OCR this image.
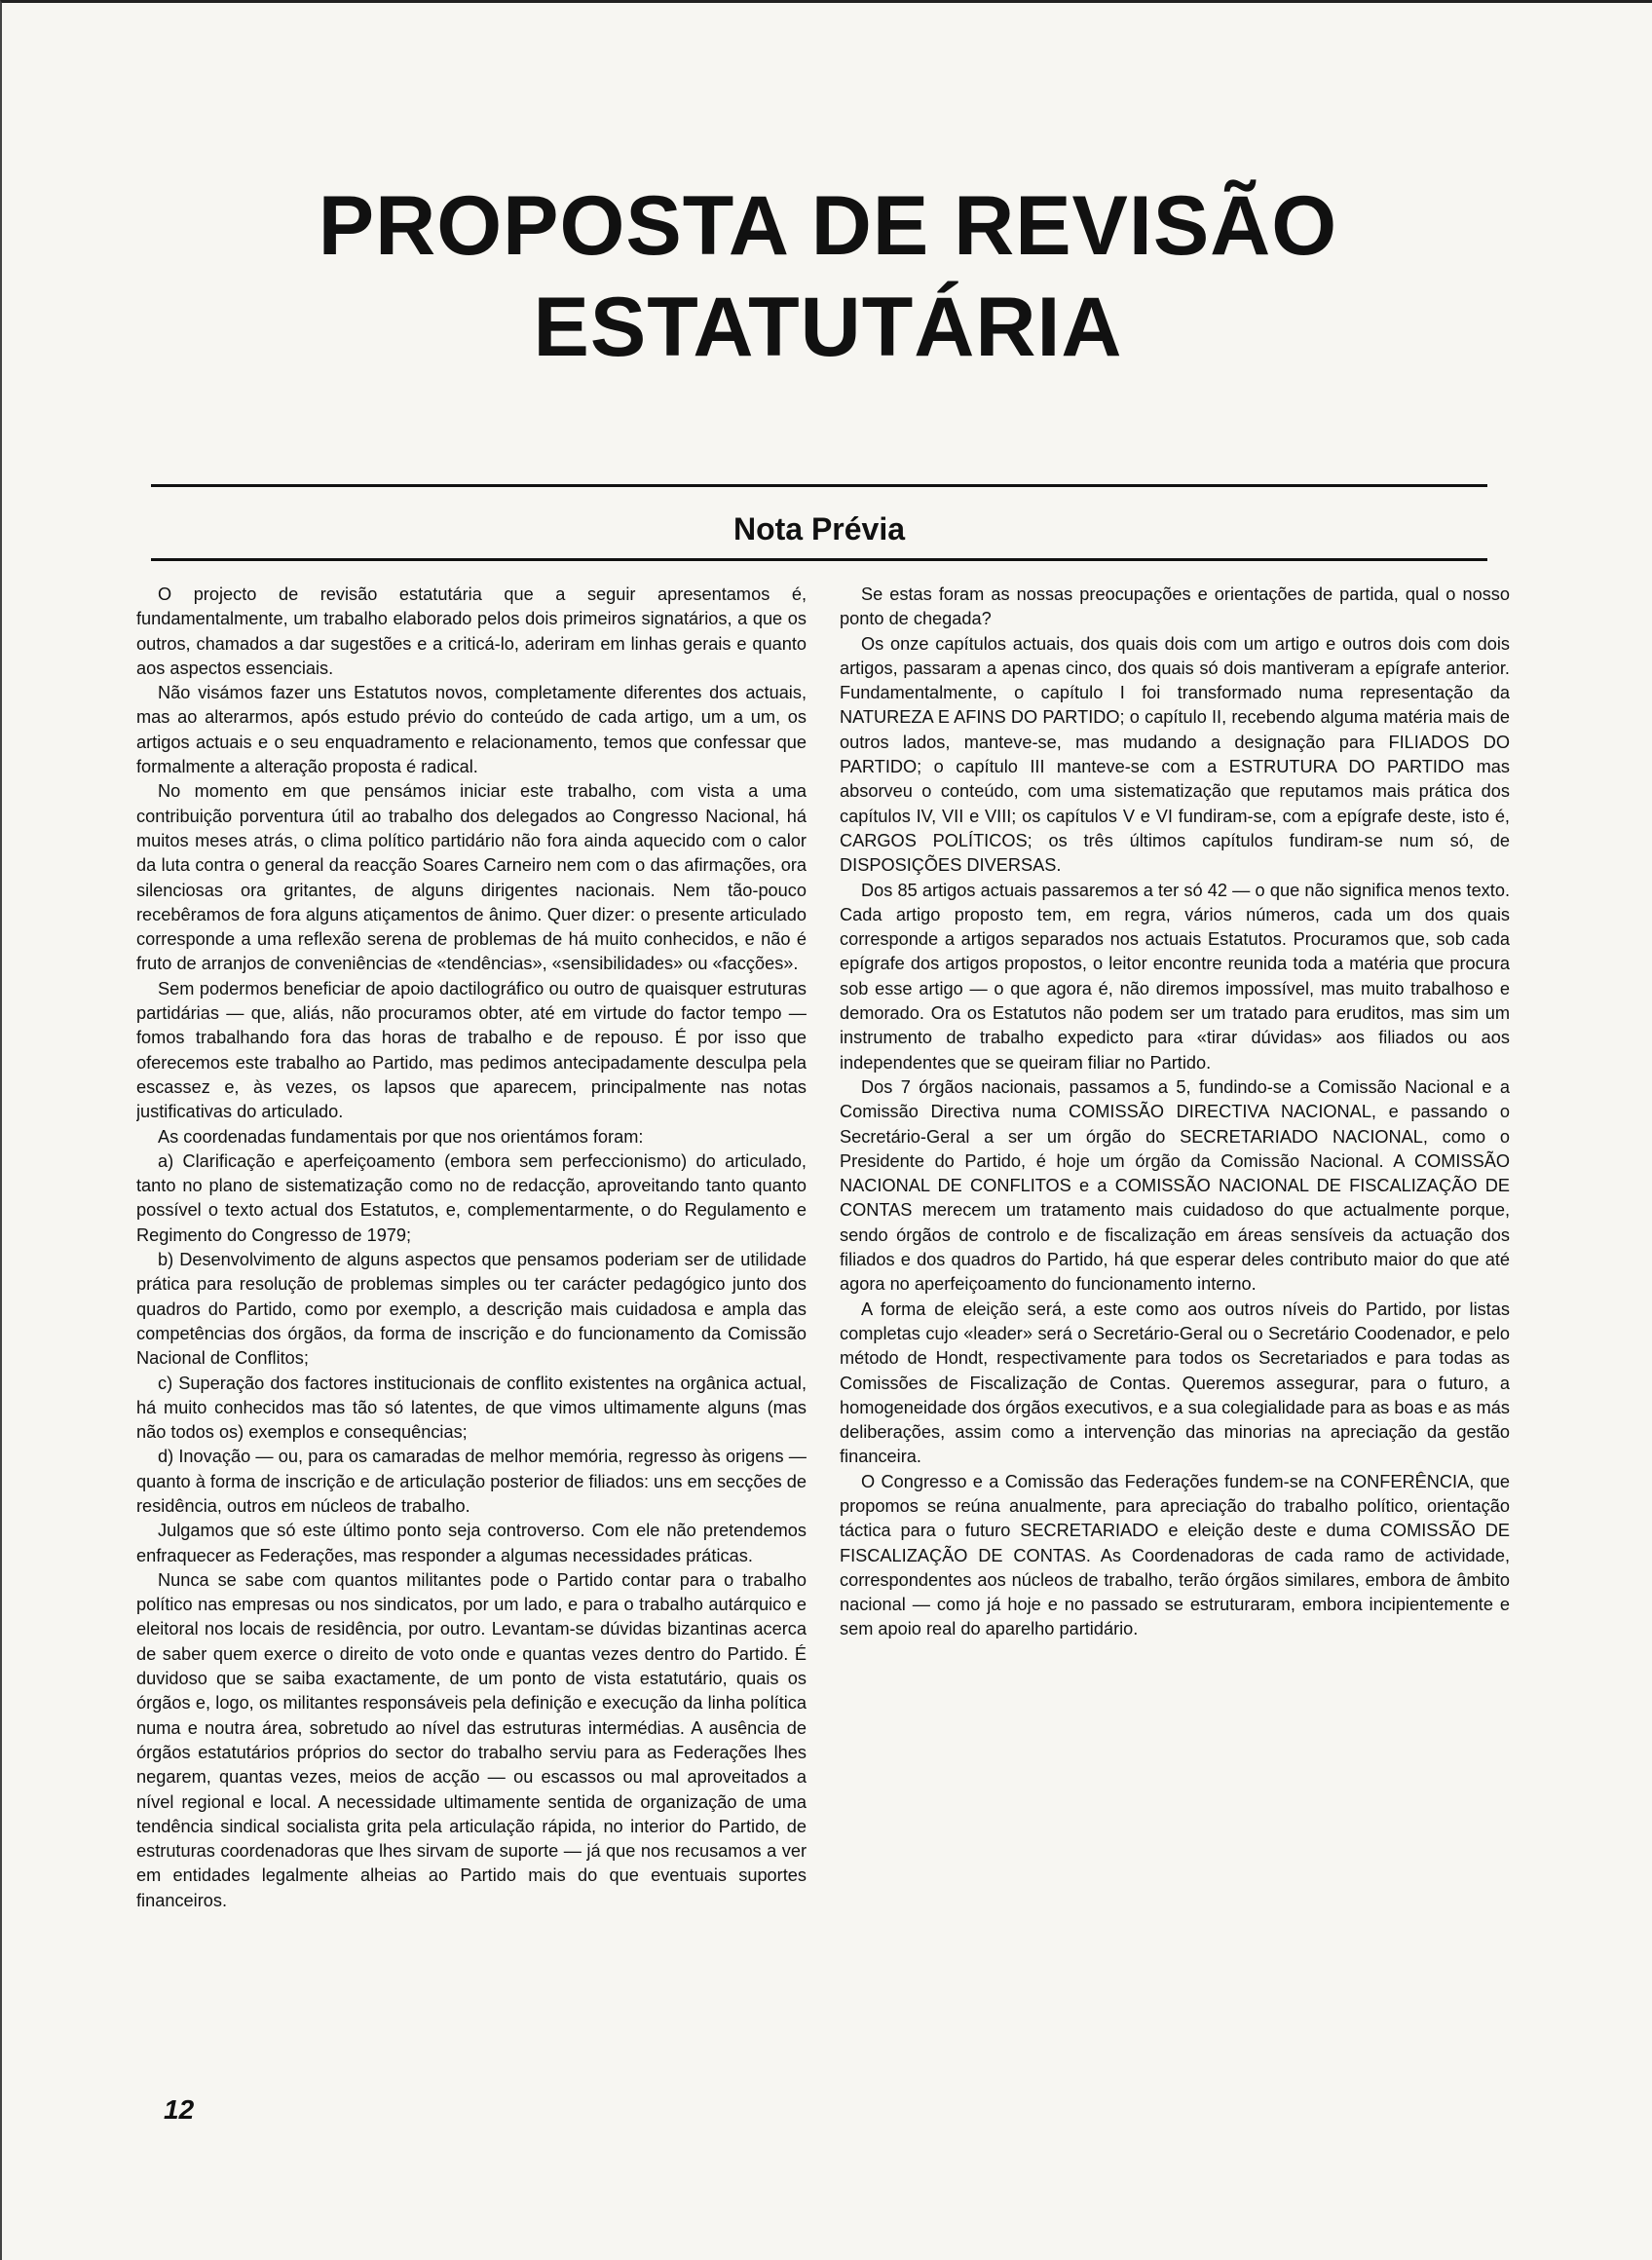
PROPOSTA DE REVISÃO
ESTATUTÁRIA
Nota Prévia

O projecto de revisão estatutária que a seguir apresentamos é, fundamentalmente, um trabalho elaborado pelos dois primeiros signatários, a que os outros, chamados a dar sugestões e a criticá-lo, aderiram em linhas gerais e quanto aos aspectos essenciais.

Não visámos fazer uns Estatutos novos, completamente diferentes dos actuais, mas ao alterarmos, após estudo prévio do conteúdo de cada artigo, um a um, os artigos actuais e o seu enquadramento e relacionamento, temos que confessar que formalmente a alteração proposta é radical.

No momento em que pensámos iniciar este trabalho, com vista a uma contribuição porventura útil ao trabalho dos delegados ao Congresso Nacional, há muitos meses atrás, o clima político partidário não fora ainda aquecido com o calor da luta contra o general da reacção Soares Carneiro nem com o das afirmações, ora silenciosas ora gritantes, de alguns dirigentes nacionais. Nem tão-pouco recebêramos de fora alguns atiçamentos de ânimo. Quer dizer: o presente articulado corresponde a uma reflexão serena de problemas de há muito conhecidos, e não é fruto de arranjos de conveniências de «tendências», «sensibilidades» ou «facções».

Sem podermos beneficiar de apoio dactilográfico ou outro de quaisquer estruturas partidárias — que, aliás, não procuramos obter, até em virtude do factor tempo — fomos trabalhando fora das horas de trabalho e de repouso. É por isso que oferecemos este trabalho ao Partido, mas pedimos antecipadamente desculpa pela escassez e, às vezes, os lapsos que aparecem, principalmente nas notas justificativas do articulado.

As coordenadas fundamentais por que nos orientámos foram:

a) Clarificação e aperfeiçoamento (embora sem perfeccionismo) do articulado, tanto no plano de sistematização como no de redacção, aproveitando tanto quanto possível o texto actual dos Estatutos, e, complementarmente, o do Regulamento e Regimento do Congresso de 1979;

b) Desenvolvimento de alguns aspectos que pensamos poderiam ser de utilidade prática para resolução de problemas simples ou ter carácter pedagógico junto dos quadros do Partido, como por exemplo, a descrição mais cuidadosa e ampla das competências dos órgãos, da forma de inscrição e do funcionamento da Comissão Nacional de Conflitos;

c) Superação dos factores institucionais de conflito existentes na orgânica actual, há muito conhecidos mas tão só latentes, de que vimos ultimamente alguns (mas não todos os) exemplos e consequências;

d) Inovação — ou, para os camaradas de melhor memória, regresso às origens — quanto à forma de inscrição e de articulação posterior de filiados: uns em secções de residência, outros em núcleos de trabalho.

Julgamos que só este último ponto seja controverso. Com ele não pretendemos enfraquecer as Federações, mas responder a algumas necessidades práticas.

Nunca se sabe com quantos militantes pode o Partido contar para o trabalho político nas empresas ou nos sindicatos, por um lado, e para o trabalho autárquico e eleitoral nos locais de residência, por outro. Levantam-se dúvidas bizantinas acerca de saber quem exerce o direito de voto onde e quantas vezes dentro do Partido. É duvidoso que se saiba exactamente, de um ponto de vista estatutário, quais os órgãos e, logo, os militantes responsáveis pela definição e execução da linha política numa e noutra área, sobretudo ao nível das estruturas intermédias. A ausência de órgãos estatutários próprios do sector do trabalho serviu para as Federações lhes negarem, quantas vezes, meios de acção — ou escassos ou mal aproveitados a nível regional e local. A necessidade ultimamente sentida de organização de uma tendência sindical socialista grita pela articulação rápida, no interior do Partido, de estruturas coordenadoras que lhes sirvam de suporte — já que nos recusamos a ver em entidades legalmente alheias ao Partido mais do que eventuais suportes financeiros.

Se estas foram as nossas preocupações e orientações de partida, qual o nosso ponto de chegada?

Os onze capítulos actuais, dos quais dois com um artigo e outros dois com dois artigos, passaram a apenas cinco, dos quais só dois mantiveram a epígrafe anterior. Fundamentalmente, o capítulo I foi transformado numa representação da NATUREZA E AFINS DO PARTIDO; o capítulo II, recebendo alguma matéria mais de outros lados, manteve-se, mas mudando a designação para FILIADOS DO PARTIDO; o capítulo III manteve-se com a ESTRUTURA DO PARTIDO mas absorveu o conteúdo, com uma sistematização que reputamos mais prática dos capítulos IV, VII e VIII; os capítulos V e VI fundiram-se, com a epígrafe deste, isto é, CARGOS POLÍTICOS; os três últimos capítulos fundiram-se num só, de DISPOSIÇÕES DIVERSAS.

Dos 85 artigos actuais passaremos a ter só 42 — o que não significa menos texto. Cada artigo proposto tem, em regra, vários números, cada um dos quais corresponde a artigos separados nos actuais Estatutos. Procuramos que, sob cada epígrafe dos artigos propostos, o leitor encontre reunida toda a matéria que procura sob esse artigo — o que agora é, não diremos impossível, mas muito trabalhoso e demorado. Ora os Estatutos não podem ser um tratado para eruditos, mas sim um instrumento de trabalho expedicto para «tirar dúvidas» aos filiados ou aos independentes que se queiram filiar no Partido.

Dos 7 órgãos nacionais, passamos a 5, fundindo-se a Comissão Nacional e a Comissão Directiva numa COMISSÃO DIRECTIVA NACIONAL, e passando o Secretário-Geral a ser um órgão do SECRETARIADO NACIONAL, como o Presidente do Partido, é hoje um órgão da Comissão Nacional. A COMISSÃO NACIONAL DE CONFLITOS e a COMISSÃO NACIONAL DE FISCALIZAÇÃO DE CONTAS merecem um tratamento mais cuidadoso do que actualmente porque, sendo órgãos de controlo e de fiscalização em áreas sensíveis da actuação dos filiados e dos quadros do Partido, há que esperar deles contributo maior do que até agora no aperfeiçoamento do funcionamento interno.

A forma de eleição será, a este como aos outros níveis do Partido, por listas completas cujo «leader» será o Secretário-Geral ou o Secretário Coodenador, e pelo método de Hondt, respectivamente para todos os Secretariados e para todas as Comissões de Fiscalização de Contas. Queremos assegurar, para o futuro, a homogeneidade dos órgãos executivos, e a sua colegialidade para as boas e as más deliberações, assim como a intervenção das minorias na apreciação da gestão financeira.

O Congresso e a Comissão das Federações fundem-se na CONFERÊNCIA, que propomos se reúna anualmente, para apreciação do trabalho político, orientação táctica para o futuro SECRETARIADO e eleição deste e duma COMISSÃO DE FISCALIZAÇÃO DE CONTAS. As Coordenadoras de cada ramo de actividade, correspondentes aos núcleos de trabalho, terão órgãos similares, embora de âmbito nacional — como já hoje e no passado se estruturaram, embora incipientemente e sem apoio real do aparelho partidário.

12
